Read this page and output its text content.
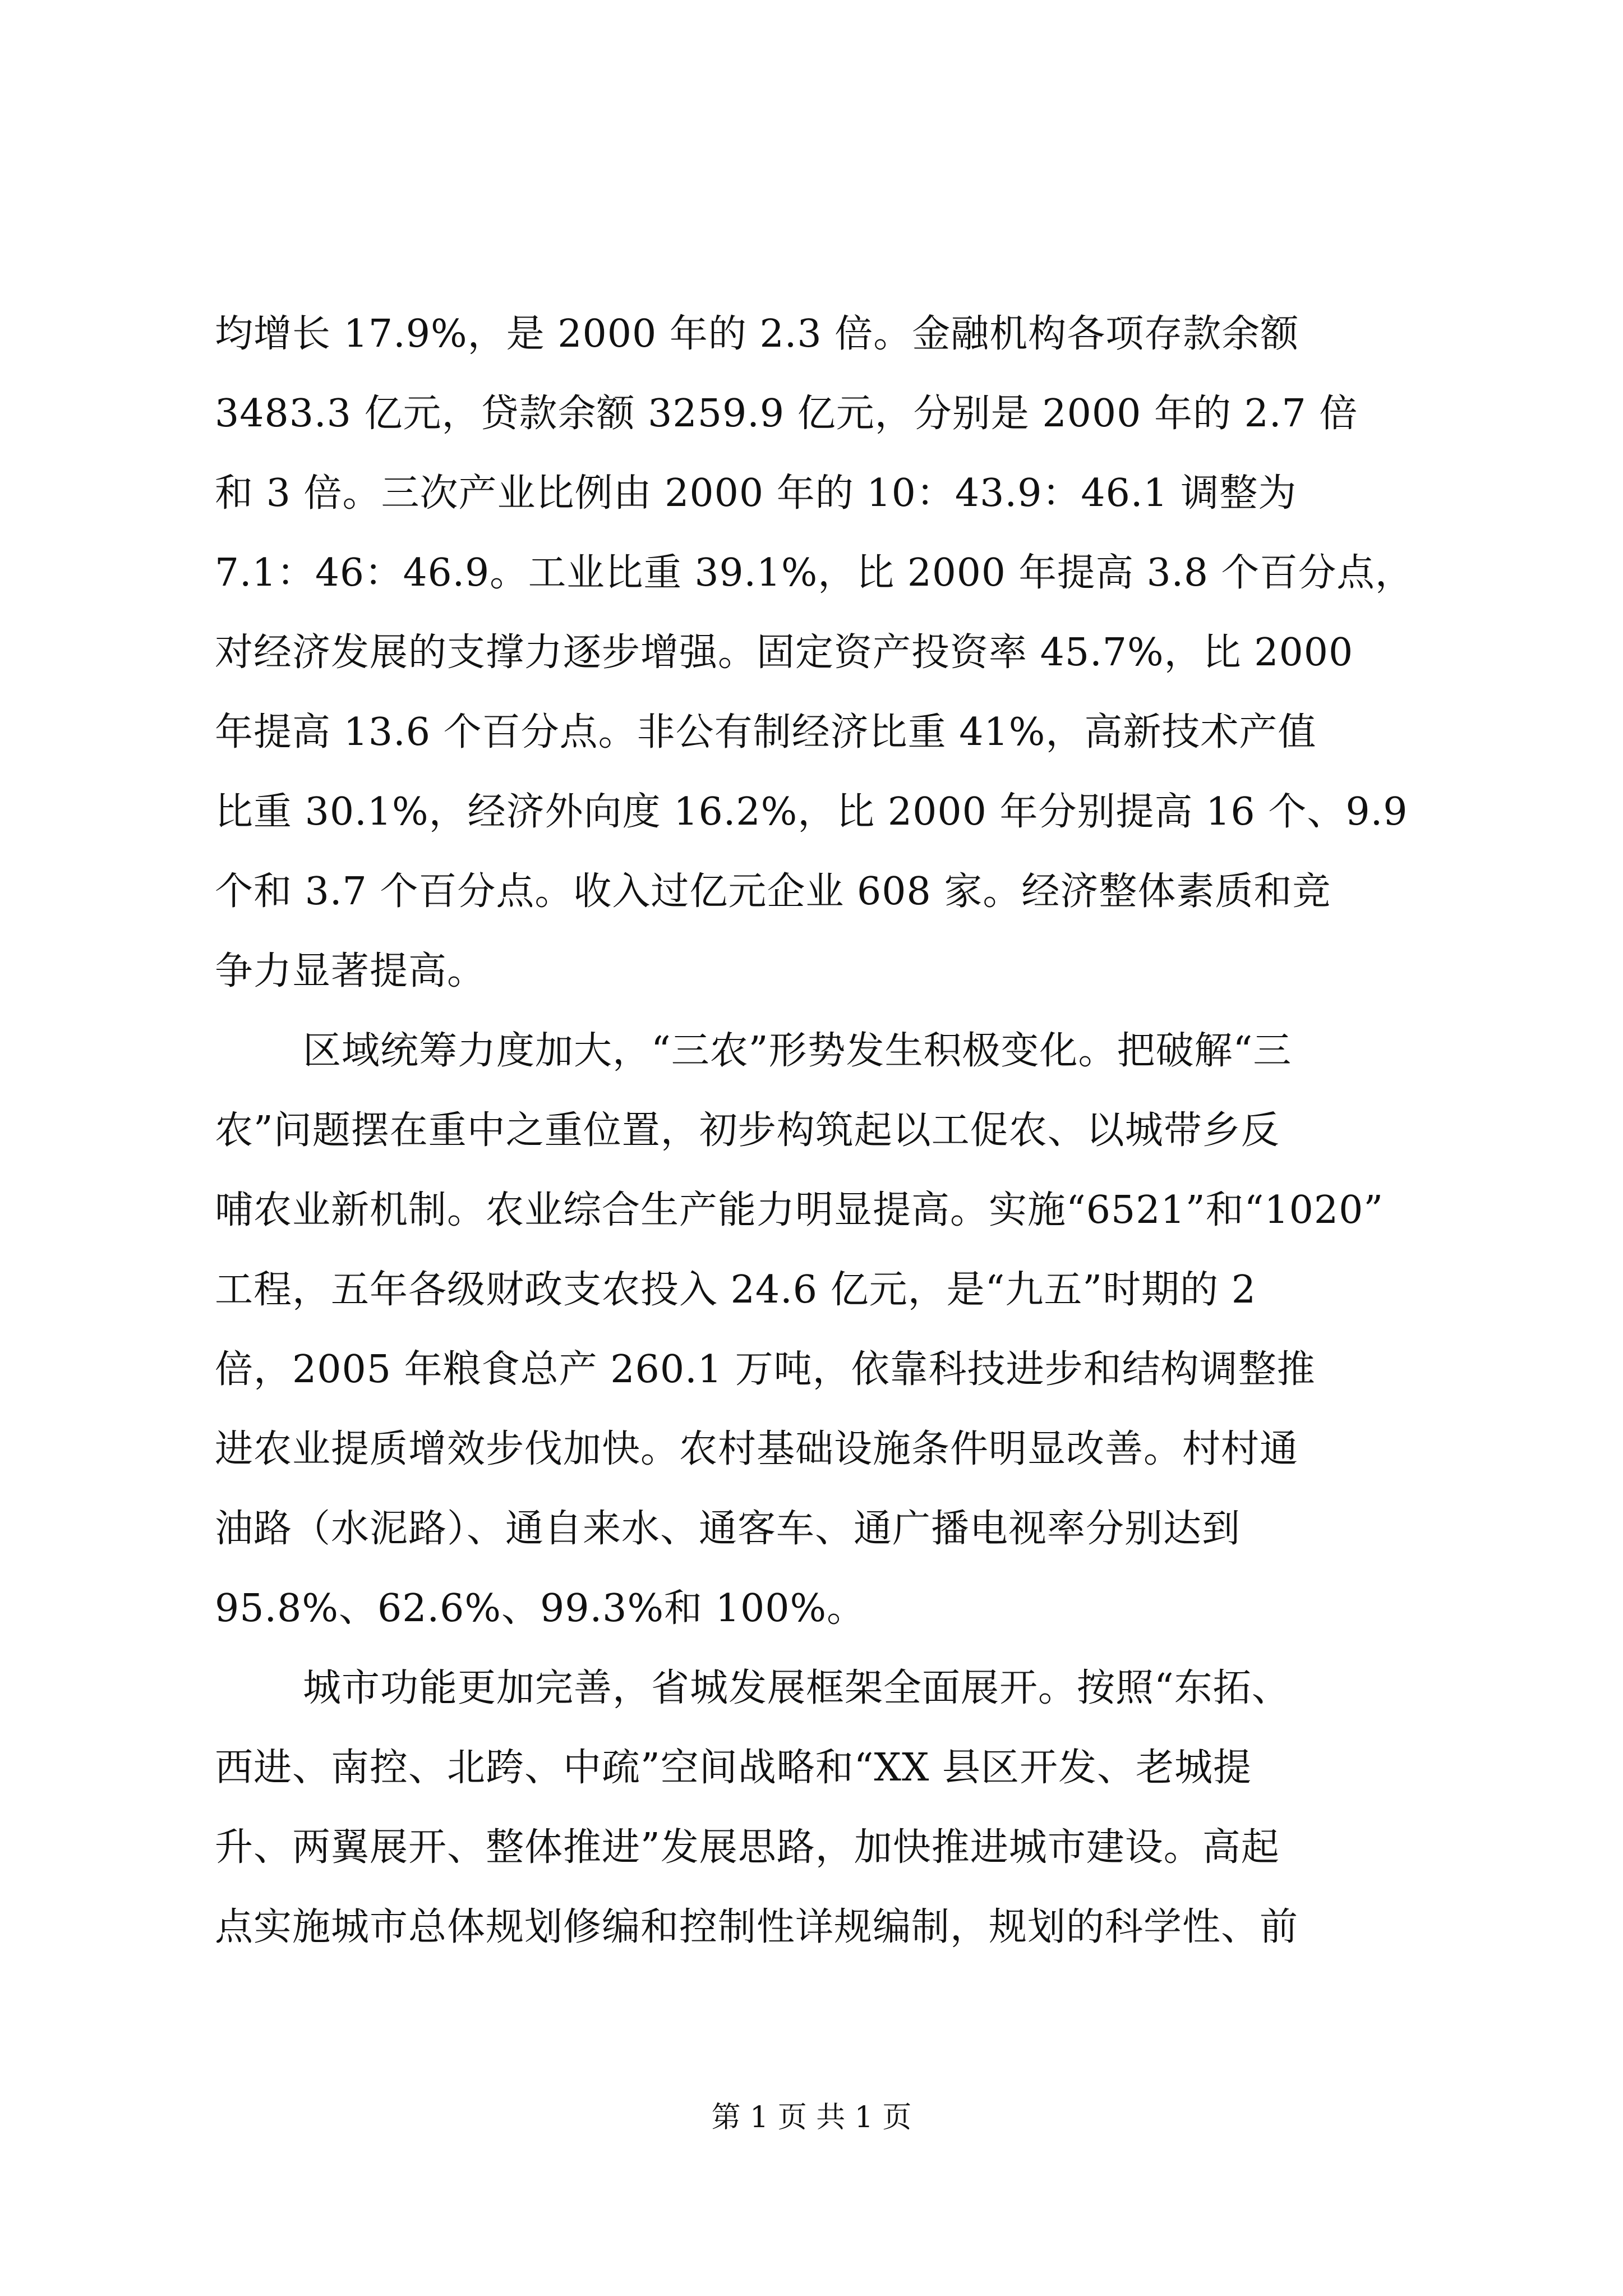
均增长 17.9%，是 2000 年的 2.3 倍。金融机构各项存款余额
3483.3 亿元，贷款余额 3259.9 亿元，分别是 2000 年的 2.7 倍
和 3 倍。三次产业比例由 2000 年的 10：43.9：46.1 调整为
7.1：46：46.9。工业比重 39.1%，比 2000 年提高 3.8 个百分点，
对经济发展的支撑力逐步增强。固定资产投资率 45.7%，比 2000
年提高 13.6 个百分点。非公有制经济比重 41%，高新技术产值
比重 30.1%，经济外向度 16.2%，比 2000 年分别提高 16 个、9.9
个和 3.7 个百分点。收入过亿元企业 608 家。经济整体素质和竞
争力显著提高。
区域统筹力度加大，“三农”形势发生积极变化。把破解“三
农”问题摆在重中之重位置，初步构筑起以工促农、以城带乡反
哺农业新机制。农业综合生产能力明显提高。实施“6521”和“1020”
工程，五年各级财政支农投入 24.6 亿元，是“九五”时期的 2
倍，2005 年粮食总产 260.1 万吨，依靠科技进步和结构调整推
进农业提质增效步伐加快。农村基础设施条件明显改善。村村通
油路（水泥路）、通自来水、通客车、通广播电视率分别达到
95.8%、62.6%、99.3%和 100%。
城市功能更加完善，省城发展框架全面展开。按照“东拓、
西进、南控、北跨、中疏”空间战略和“XX 县区开发、老城提
升、两翼展开、整体推进”发展思路，加快推进城市建设。高起
点实施城市总体规划修编和控制性详规编制，规划的科学性、前
第 1 页 共 1 页
